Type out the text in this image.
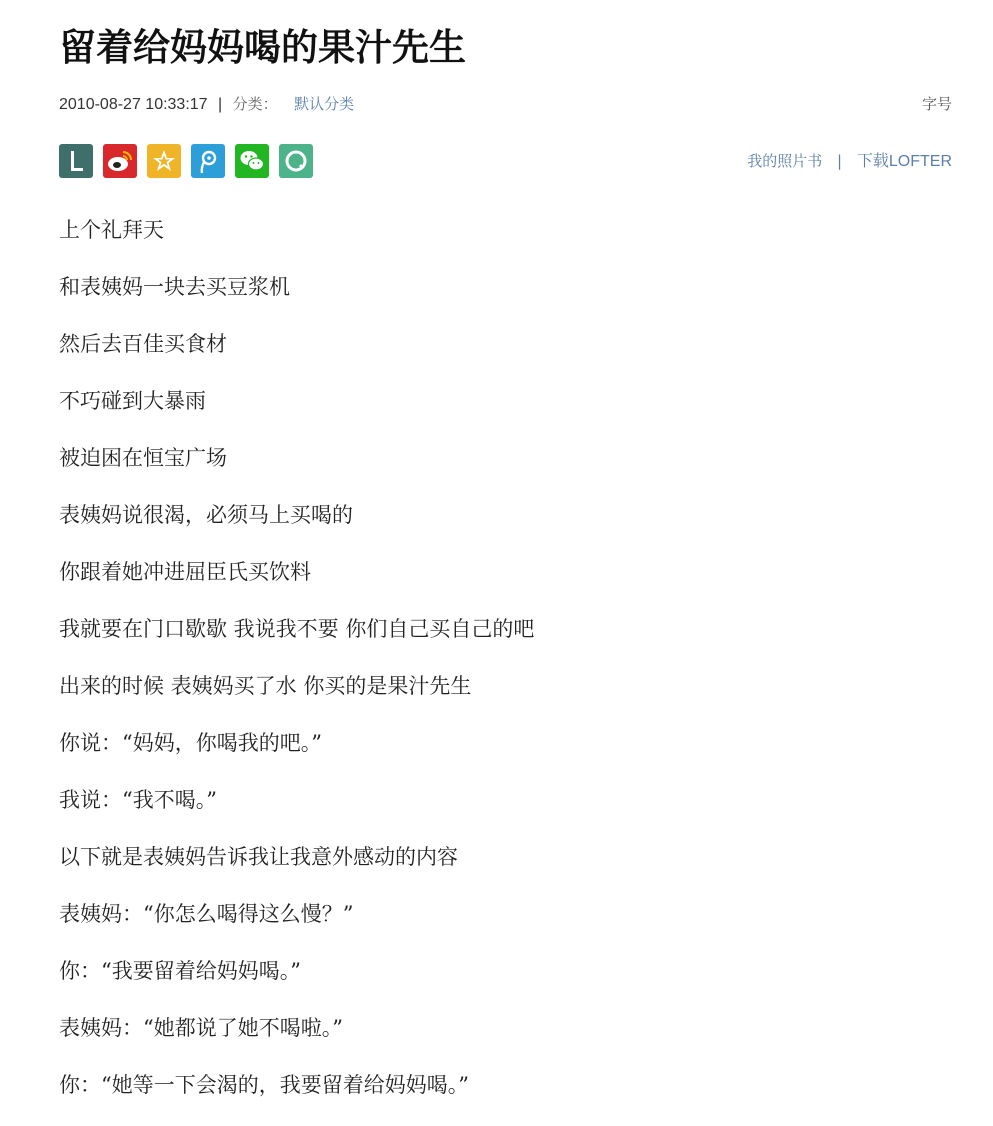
留着给妈妈喝的果汁先生
2010-08-27 10:33:17 | 分类： 默认分类	字号
我的照片书 | 下载LOFTER

上个礼拜天

和表姨妈一块去买豆浆机

然后去百佳买食材

不巧碰到大暴雨

被迫困在恒宝广场

表姨妈说很渴，必须马上买喝的

你跟着她冲进屈臣氏买饮料

我就要在门口歇歇 我说我不要 你们自己买自己的吧

出来的时候 表姨妈买了水 你买的是果汁先生

你说：“妈妈，你喝我的吧。”

我说：“我不喝。”

以下就是表姨妈告诉我让我意外感动的内容

表姨妈：“你怎么喝得这么慢？”

你：“我要留着给妈妈喝。”

表姨妈：“她都说了她不喝啦。”

你：“她等一下会渴的，我要留着给妈妈喝。”
